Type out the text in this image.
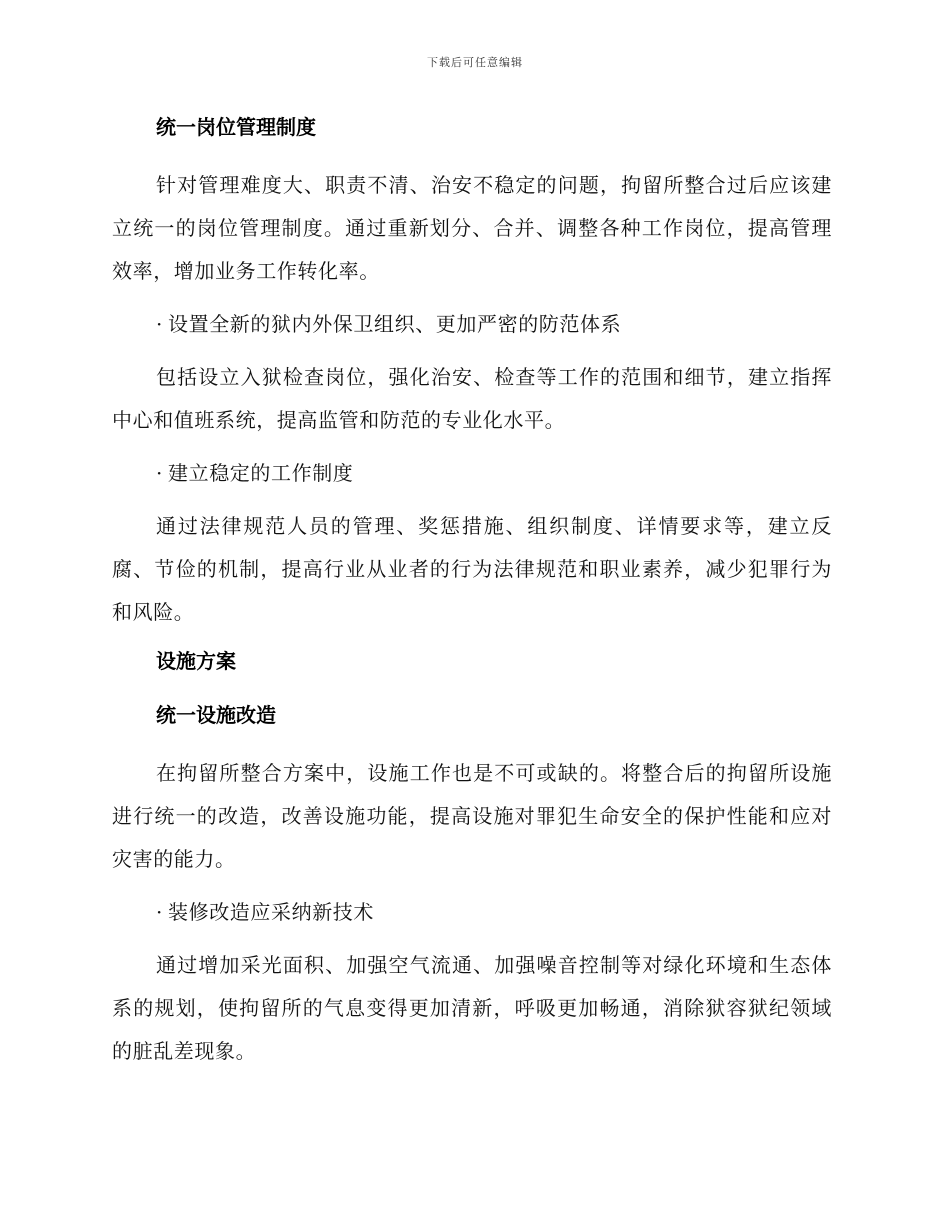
下载后可任意编辑
统一岗位管理制度

针对管理难度大、职责不清、治安不稳定的问题，拘留所整合过后应该建立统一的岗位管理制度。通过重新划分、合并、调整各种工作岗位，提高管理效率，增加业务工作转化率。

· 设置全新的狱内外保卫组织、更加严密的防范体系

包括设立入狱检查岗位，强化治安、检查等工作的范围和细节，建立指挥中心和值班系统，提高监管和防范的专业化水平。

· 建立稳定的工作制度

通过法律规范人员的管理、奖惩措施、组织制度、详情要求等，建立反腐、节俭的机制，提高行业从业者的行为法律规范和职业素养，减少犯罪行为和风险。

设施方案
统一设施改造

在拘留所整合方案中，设施工作也是不可或缺的。将整合后的拘留所设施进行统一的改造，改善设施功能，提高设施对罪犯生命安全的保护性能和应对灾害的能力。

· 装修改造应采纳新技术

通过增加采光面积、加强空气流通、加强噪音控制等对绿化环境和生态体系的规划，使拘留所的气息变得更加清新，呼吸更加畅通，消除狱容狱纪领域的脏乱差现象。
